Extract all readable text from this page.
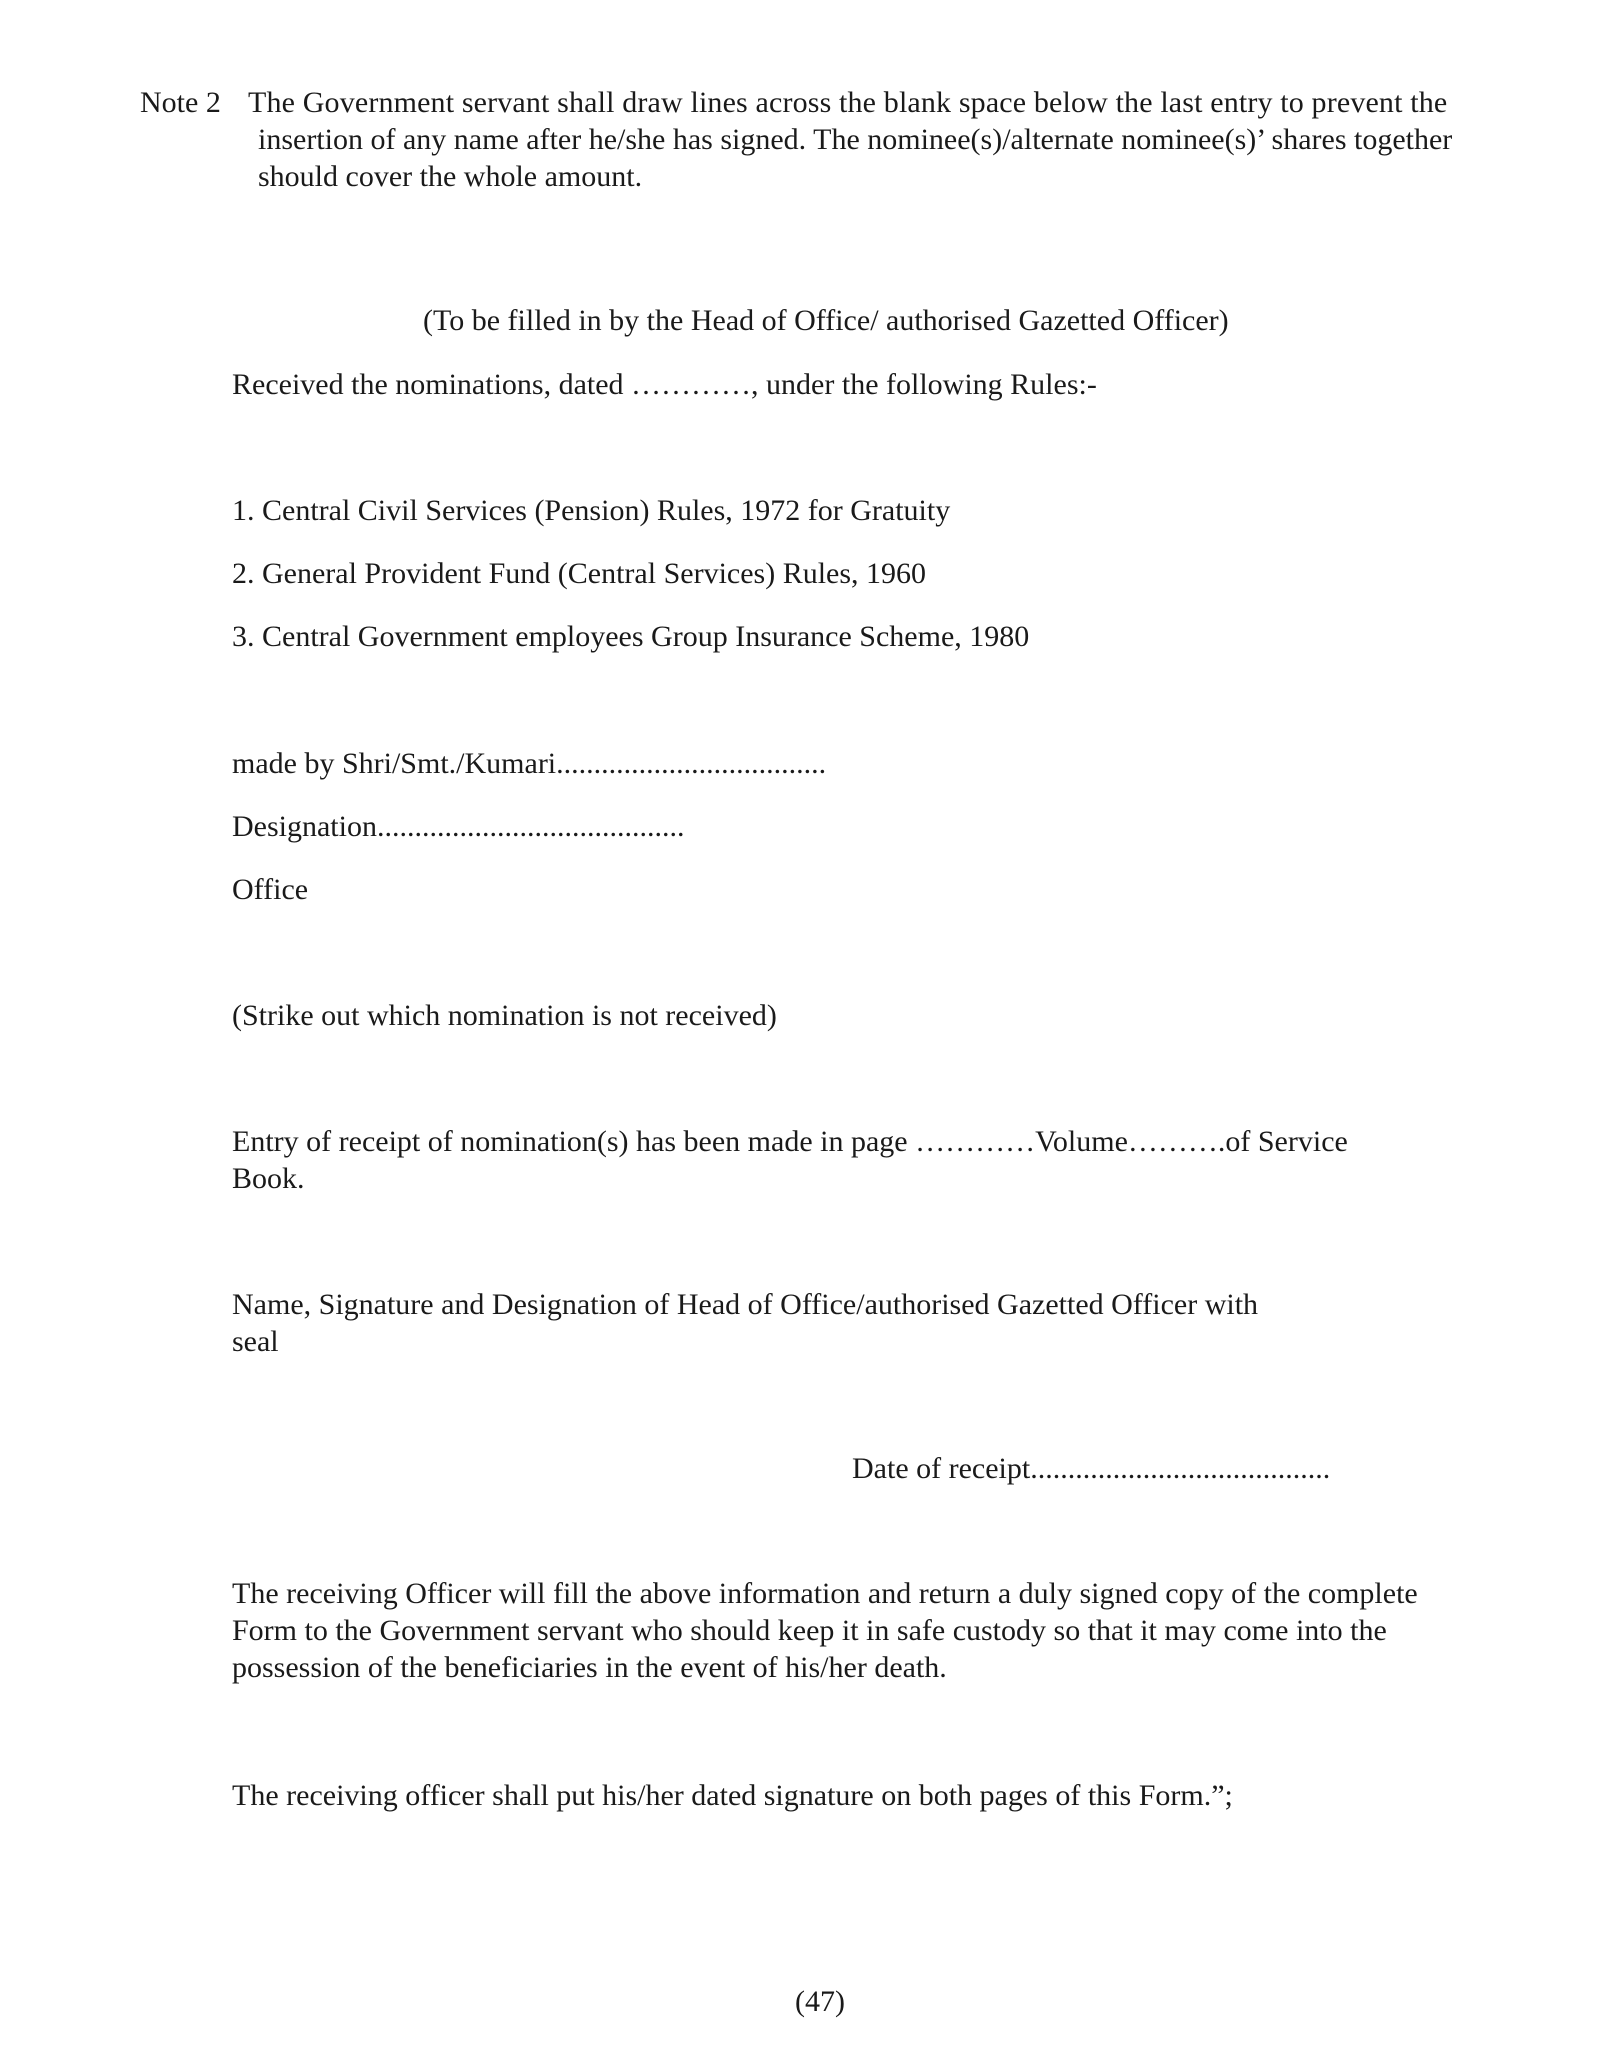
Note 2 The Government servant shall draw lines across the blank space below the last entry to prevent the
insertion of any name after he/she has signed. The nominee(s)/alternate nominee(s)’ shares together
should cover the whole amount.
(To be filled in by the Head of Office/ authorised Gazetted Officer)
Received the nominations, dated …………, under the following Rules:-
1. Central Civil Services (Pension) Rules, 1972 for Gratuity
2. General Provident Fund (Central Services) Rules, 1960
3. Central Government employees Group Insurance Scheme, 1980
made by Shri/Smt./Kumari....................................
Designation.........................................
Office
(Strike out which nomination is not received)
Entry of receipt of nomination(s) has been made in page …………Volume……….of Service
Book.
Name, Signature and Designation of Head of Office/authorised Gazetted Officer with
seal
Date of receipt........................................
The receiving Officer will fill the above information and return a duly signed copy of the complete
Form to the Government servant who should keep it in safe custody so that it may come into the
possession of the beneficiaries in the event of his/her death.
The receiving officer shall put his/her dated signature on both pages of this Form.”;
(47)
